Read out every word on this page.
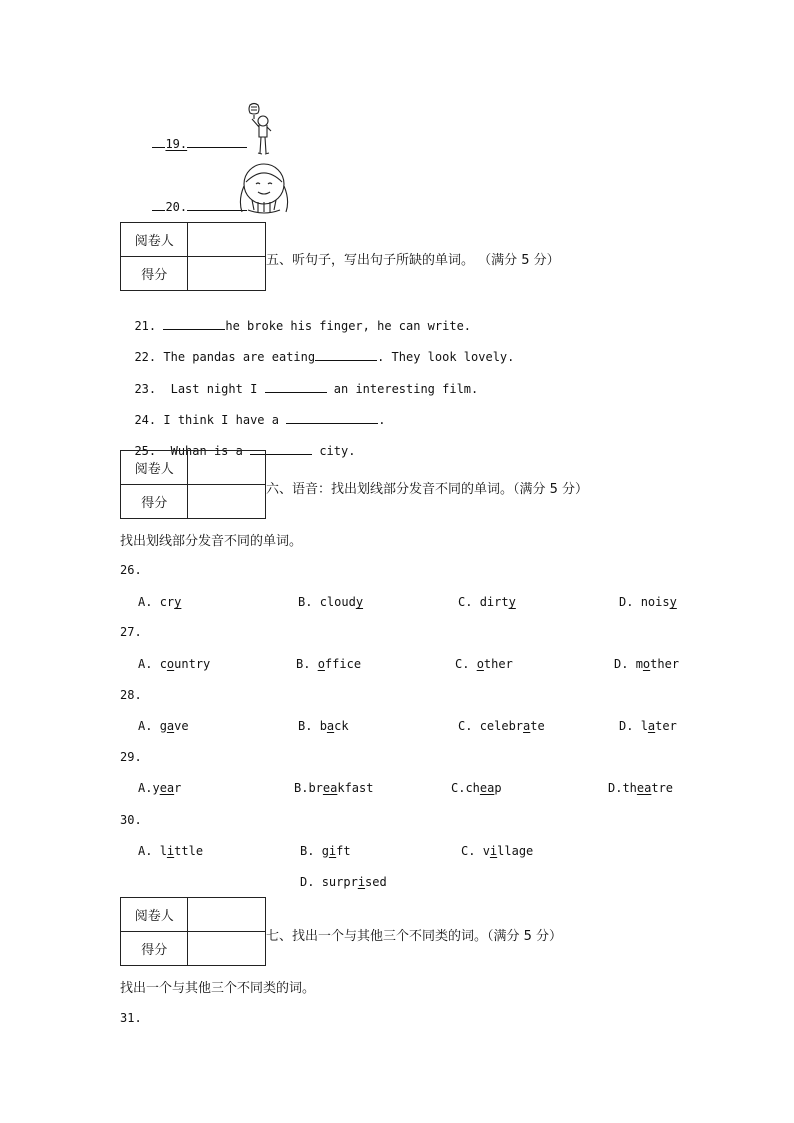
19.

20.

阅卷人	
得分	
五、听句子，写出句子所缺的单词。 （满分 5 分）

21.	he broke his finger, he can write.

22. The pandas are eating	. They look lovely.

23. Last night I	an interesting film.

24. I think I have a	.

25. Wuhan is a	city.

阅卷人	
得分	
六、语音：找出划线部分发音不同的单词。（满分 5 分）
找出划线部分发音不同的单词。
26.
A. cry	B. cloudy	C. dirty	D. noisy
27.
A. country	B. office	C. other	D. mother
28.
A. gave	B. back	C. celebrate	D. later
29.
A.year	B.breakfast	C.cheap	D.theatre
30.
A. little	B. gift	C. village
D. surprised
阅卷人	
得分	
七、找出一个与其他三个不同类的词。（满分 5 分）
找出一个与其他三个不同类的词。
31.
